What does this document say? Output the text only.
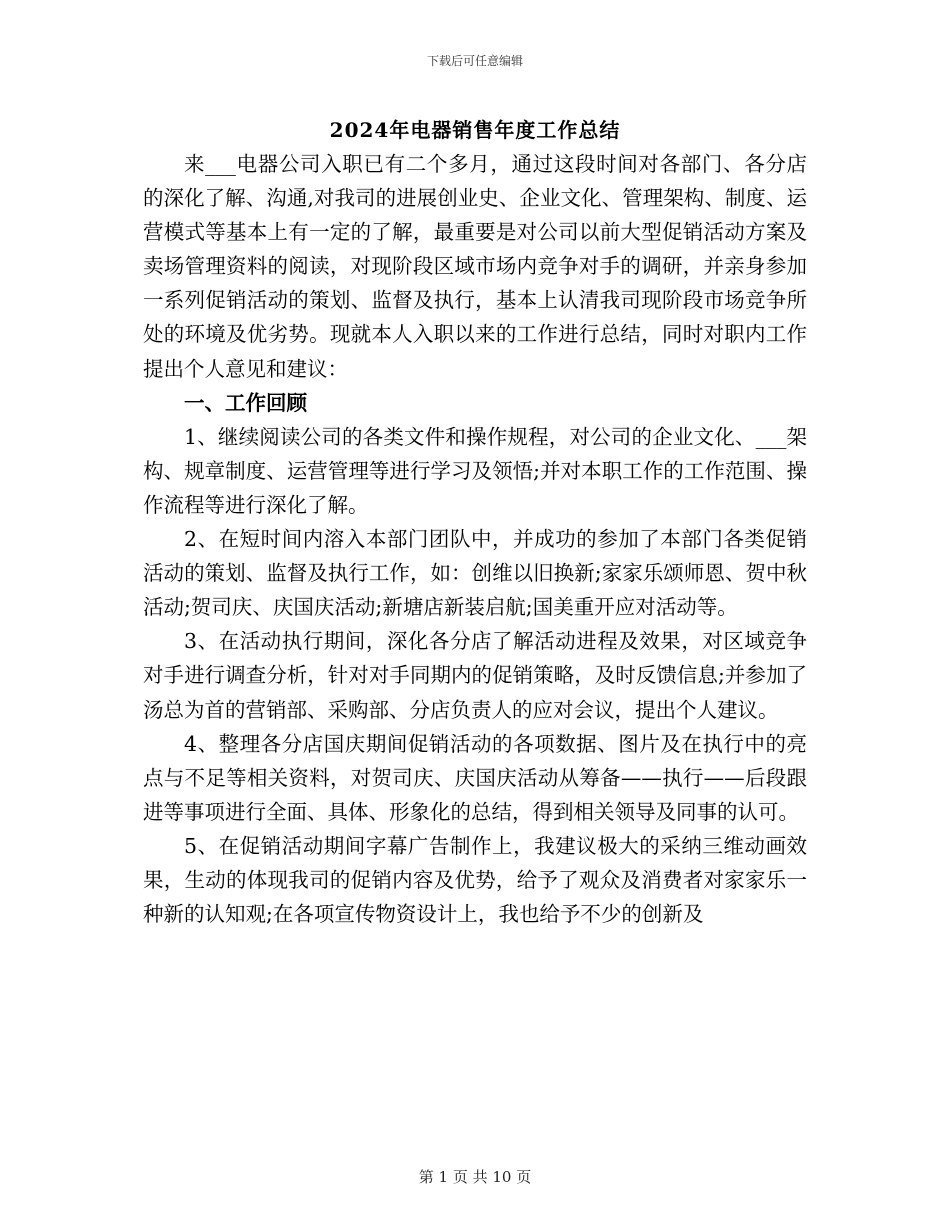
下载后可任意编辑
2024年电器销售年度工作总结

来___电器公司入职已有二个多月，通过这段时间对各部门、各分店的深化了解、沟通,对我司的进展创业史、企业文化、管理架构、制度、运营模式等基本上有一定的了解，最重要是对公司以前大型促销活动方案及卖场管理资料的阅读，对现阶段区域市场内竞争对手的调研，并亲身参加一系列促销活动的策划、监督及执行，基本上认清我司现阶段市场竞争所处的环境及优劣势。现就本人入职以来的工作进行总结，同时对职内工作提出个人意见和建议：

一、工作回顾

1、继续阅读公司的各类文件和操作规程，对公司的企业文化、___架构、规章制度、运营管理等进行学习及领悟;并对本职工作的工作范围、操作流程等进行深化了解。

2、在短时间内溶入本部门团队中，并成功的参加了本部门各类促销活动的策划、监督及执行工作，如：创维以旧换新;家家乐颂师恩、贺中秋活动;贺司庆、庆国庆活动;新塘店新装启航;国美重开应对活动等。

3、在活动执行期间，深化各分店了解活动进程及效果，对区域竞争对手进行调查分析，针对对手同期内的促销策略，及时反馈信息;并参加了汤总为首的营销部、采购部、分店负责人的应对会议，提出个人建议。

4、整理各分店国庆期间促销活动的各项数据、图片及在执行中的亮点与不足等相关资料，对贺司庆、庆国庆活动从筹备——执行——后段跟进等事项进行全面、具体、形象化的总结，得到相关领导及同事的认可。

5、在促销活动期间字幕广告制作上，我建议极大的采纳三维动画效果，生动的体现我司的促销内容及优势，给予了观众及消费者对家家乐一种新的认知观;在各项宣传物资设计上，我也给予不少的创新及

第 1 页 共 10 页
